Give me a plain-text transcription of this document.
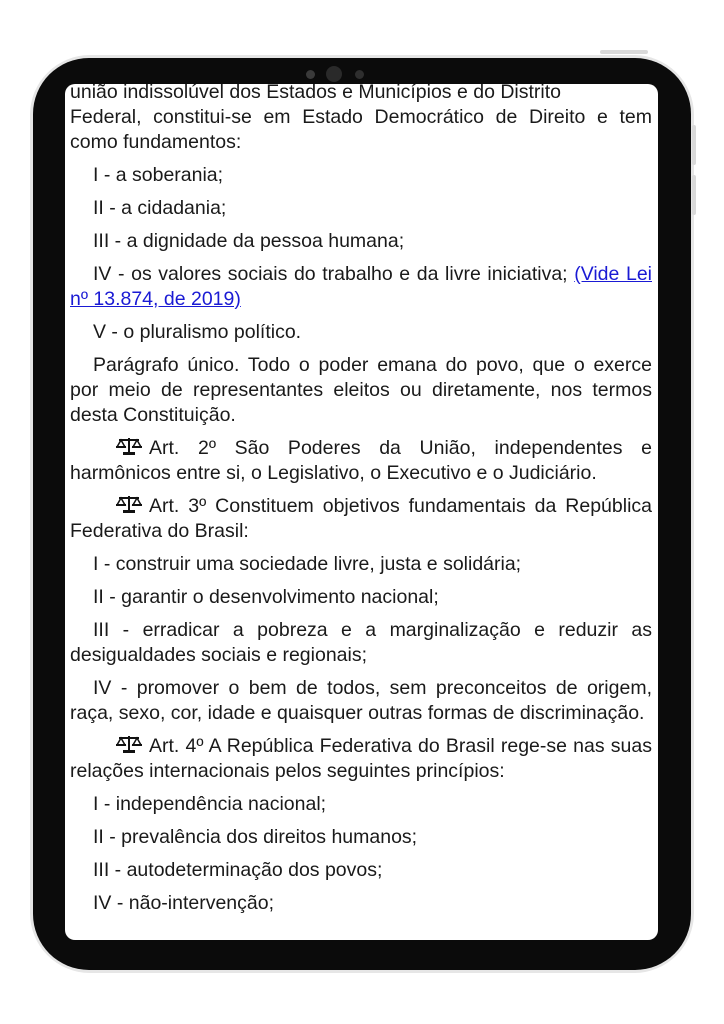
união indissolúvel dos Estados e Municípios e do Distrito

Federal, constitui-se em Estado Democrático de Direito e tem como fundamentos:

I - a soberania;

II - a cidadania;

III - a dignidade da pessoa humana;

IV - os valores sociais do trabalho e da livre iniciativa; (Vide Lei nº 13.874, de 2019)

V - o pluralismo político.

Parágrafo único. Todo o poder emana do povo, que o exerce por meio de representantes eleitos ou diretamente, nos termos desta Constituição.

Art. 2º São Poderes da União, independentes e harmônicos entre si, o Legislativo, o Executivo e o Judiciário.

Art. 3º Constituem objetivos fundamentais da República Federativa do Brasil:

I - construir uma sociedade livre, justa e solidária;

II - garantir o desenvolvimento nacional;

III - erradicar a pobreza e a marginalização e reduzir as desigualdades sociais e regionais;

IV - promover o bem de todos, sem preconceitos de origem, raça, sexo, cor, idade e quaisquer outras formas de discriminação.

Art. 4º A República Federativa do Brasil rege-se nas suas relações internacionais pelos seguintes princípios:

I - independência nacional;

II - prevalência dos direitos humanos;

III - autodeterminação dos povos;

IV - não-intervenção;
